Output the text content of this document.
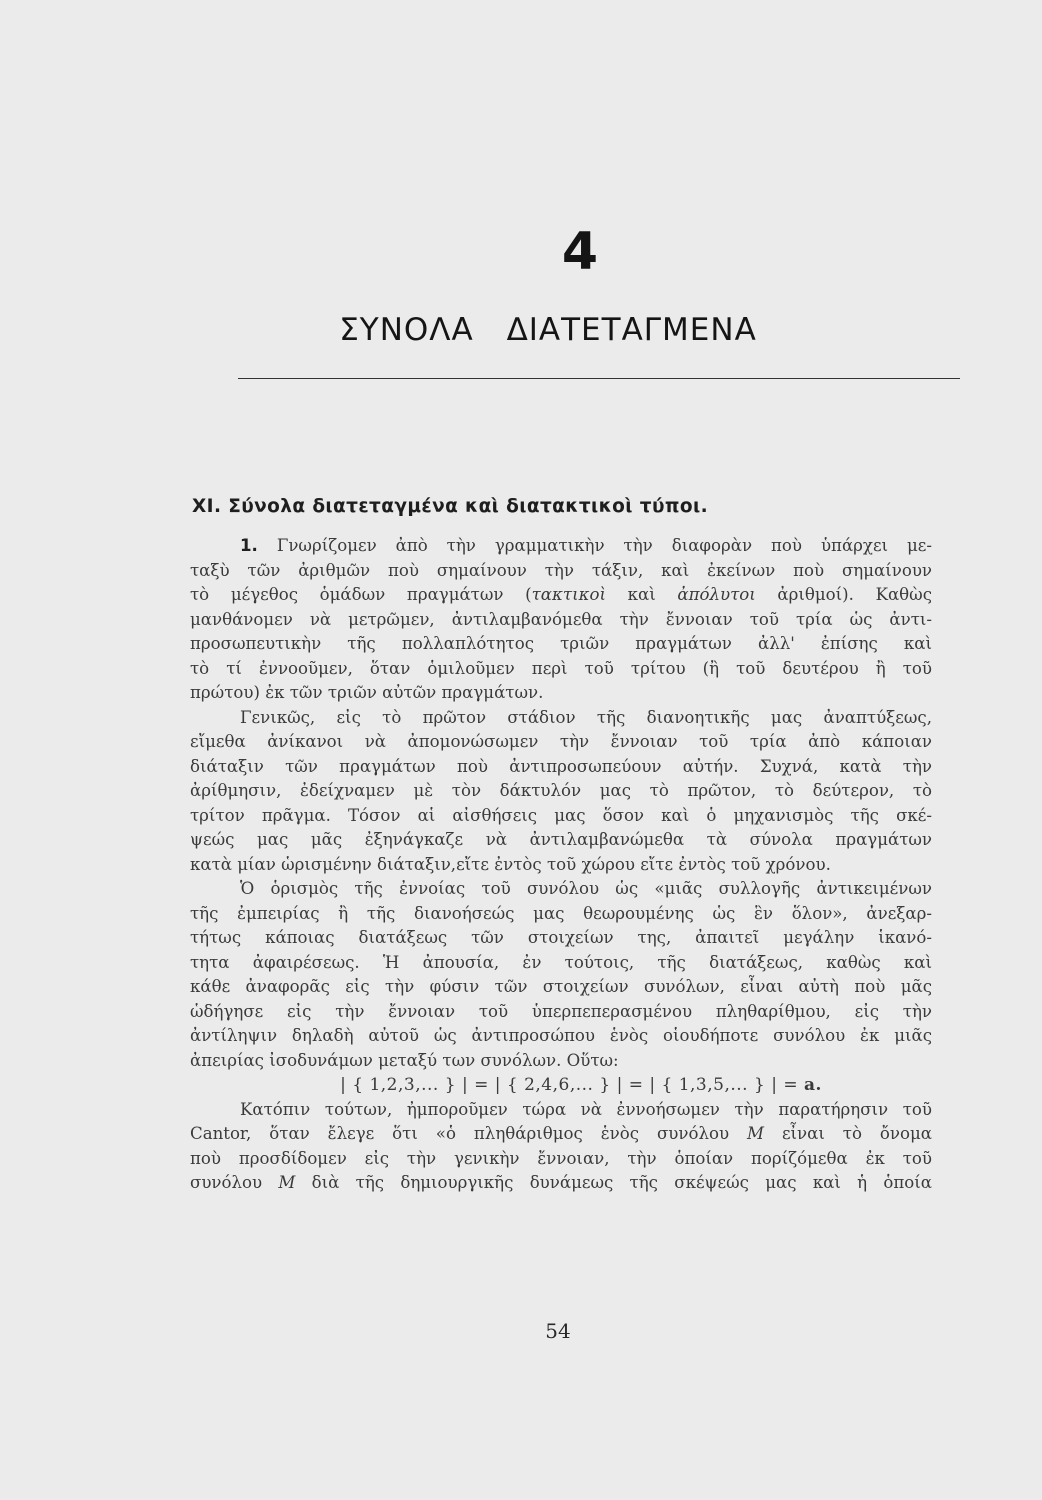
4
ΣΥΝΟΛΑ ΔΙΑΤΕΤΑΓΜΕΝΑ
XI. Σύνολα διατεταγμένα καὶ διατακτικοὶ τύποι.
1. Γνωρίζομεν ἀπὸ τὴν γραμματικὴν τὴν διαφορὰν ποὺ ὑπάρχει με-
ταξὺ τῶν ἀριθμῶν ποὺ σημαίνουν τὴν τάξιν, καὶ ἐκείνων ποὺ σημαίνουν
τὸ μέγεθος ὁμάδων πραγμάτων (τακτικοὶ καὶ ἀπόλυτοι ἀριθμοί). Καθὼς
μανθάνομεν νὰ μετρῶμεν, ἀντιλαμβανόμεθα τὴν ἔννοιαν τοῦ τρία ὡς ἀντι-
προσωπευτικὴν τῆς πολλαπλότητος τριῶν πραγμάτων ἀλλ' ἐπίσης καὶ
τὸ τί ἐννοοῦμεν, ὅταν ὁμιλοῦμεν περὶ τοῦ τρίτου (ἢ τοῦ δευτέρου ἢ τοῦ
πρώτου) ἐκ τῶν τριῶν αὐτῶν πραγμάτων.
Γενικῶς, εἰς τὸ πρῶτον στάδιον τῆς διανοητικῆς μας ἀναπτύξεως,
εἴμεθα ἀνίκανοι νὰ ἀπομονώσωμεν τὴν ἔννοιαν τοῦ τρία ἀπὸ κάποιαν
διάταξιν τῶν πραγμάτων ποὺ ἀντιπροσωπεύουν αὐτήν. Συχνά, κατὰ τὴν
ἀρίθμησιν, ἐδείχναμεν μὲ τὸν δάκτυλόν μας τὸ πρῶτον, τὸ δεύτερον, τὸ
τρίτον πρᾶγμα. Τόσον αἱ αἰσθήσεις μας ὅσον καὶ ὁ μηχανισμὸς τῆς σκέ-
ψεώς μας μᾶς ἐξηνάγκαζε νὰ ἀντιλαμβανώμεθα τὰ σύνολα πραγμάτων
κατὰ μίαν ὡρισμένην διάταξιν,εἴτε ἐντὸς τοῦ χώρου εἴτε ἐντὸς τοῦ χρόνου.
Ὁ ὁρισμὸς τῆς ἐννοίας τοῦ συνόλου ὡς «μιᾶς συλλογῆς ἀντικειμένων
τῆς ἐμπειρίας ἢ τῆς διανοήσεώς μας θεωρουμένης ὡς ἓν ὅλον», ἀνεξαρ-
τήτως κάποιας διατάξεως τῶν στοιχείων της, ἀπαιτεῖ μεγάλην ἱκανό-
τητα ἀφαιρέσεως. Ἡ ἀπουσία, ἐν τούτοις, τῆς διατάξεως, καθὼς καὶ
κάθε ἀναφορᾶς εἰς τὴν φύσιν τῶν στοιχείων συνόλων, εἶναι αὐτὴ ποὺ μᾶς
ὡδήγησε εἰς τὴν ἔννοιαν τοῦ ὑπερπεπερασμένου πληθαρίθμου, εἰς τὴν
ἀντίληψιν δηλαδὴ αὐτοῦ ὡς ἀντιπροσώπου ἑνὸς οἱουδήποτε συνόλου ἐκ μιᾶς
ἀπειρίας ἰσοδυνάμων μεταξύ των συνόλων. Οὕτω:
| { 1,2,3,... } | = | { 2,4,6,... } | = | { 1,3,5,... } | = a.
Κατόπιν τούτων, ἠμποροῦμεν τώρα νὰ ἐννοήσωμεν τὴν παρατήρησιν τοῦ
Cantor, ὅταν ἔλεγε ὅτι «ὁ πληθάριθμος ἑνὸς συνόλου M εἶναι τὸ ὄνομα
ποὺ προσδίδομεν εἰς τὴν γενικὴν ἔννοιαν, τὴν ὁποίαν πορίζόμεθα ἐκ τοῦ
συνόλου M διὰ τῆς δημιουργικῆς δυνάμεως τῆς σκέψεώς μας καὶ ἡ ὁποία
54
